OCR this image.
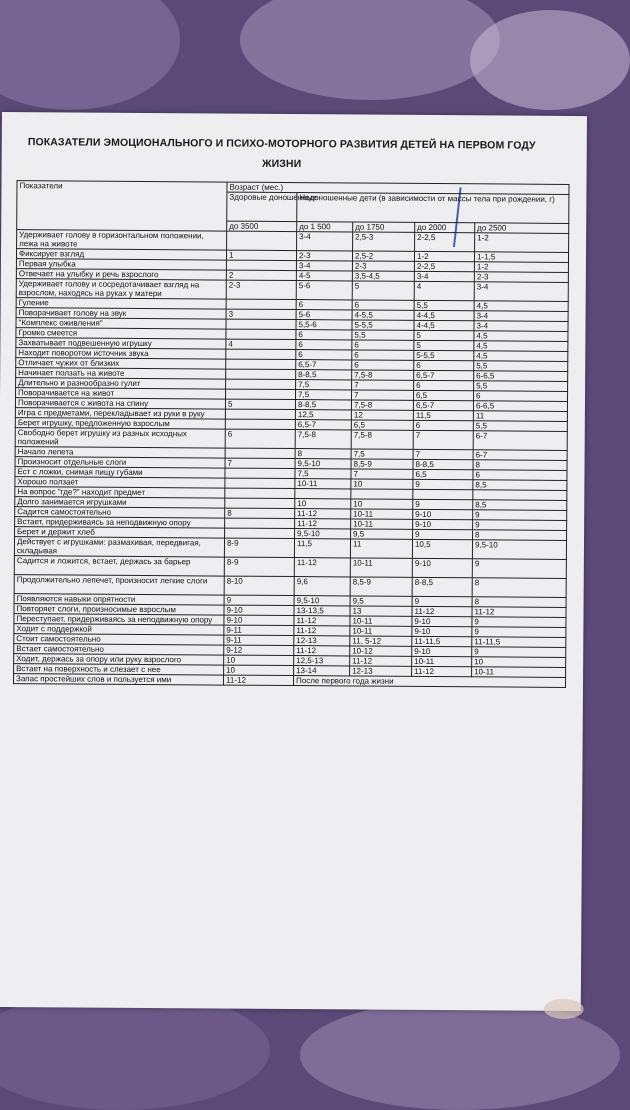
ПОКАЗАТЕЛИ ЭМОЦИОНАЛЬНОГО И ПСИХО-МОТОРНОГО РАЗВИТИЯ ДЕТЕЙ НА ПЕРВОМ ГОДУ ЖИЗНИ
Показатели	Возраст (мес.)				
	Здоровые доношенные	Недоношенные дети (в зависимости от массы тела при рождении, г)			
	до 3500	до 1 500	до 1750	до 2000	до 2500
Удерживает голову в горизонтальном положении, лежа на животе		3-4	2,5-3	2-2,5	1-2
Фиксирует взгляд	1	2-3	2,5-2	1-2	1-1,5
Первая улыбка		3-4	2-3	2-2,5	1-2
Отвечает на улыбку и речь взрослого	2	4-5	3,5-4,5	3-4	2-3
Удерживает голову и сосредотачивает взгляд на взрослом, находясь на руках у матери	2-3	5-6	5	4	3-4
Гуление		6	6	5,5	4,5
Поворачивает голову на звук	3	5-6	4-5,5	4-4,5	3-4
"Комплекс оживления"		5,5-6	5-5,5	4-4,5	3-4
Громко смеется		6	5,5	5	4,5
Захватывает подвешенную игрушку	4	6	6	5	4,5
Находит поворотом источник звука		6	6	5-5,5	4,5
Отличает чужих от близких		6,5-7	6	6	5,5
Начинает ползать на животе		8-8,5	7,5-8	6,5-7	6-6,5
Длительно и разнообразно гулит		7,5	7	6	5,5
Поворачивается на живот		7,5	7	6,5	6
Поворачивается с живота на спину	5	8-8,5	7,5-8	6,5-7	6-6,5
Игра с предметами, перекладывает из руки в руку		12,5	12	11,5	11
Берет игрушку, предложенную взрослым		6,5-7	6,5	6	5,5
Свободно берет игрушку из разных исходных положений	6	7,5-8	7,5-8	7	6-7
Начало лепета		8	7,5	7	6-7
Произносит отдельные слоги	7	9,5-10	8,5-9	8-8,5	8
Ест с ложки, снимая пищу губами		7,5	7	6,5	6
Хорошо ползает		10-11	10	9	8,5
На вопрос "где?" находит предмет					
Долго занимается игрушками		10	10	9	8,5
Садится самостоятельно	8	11-12	10-11	9-10	9
Встает, придерживаясь за неподвижную опору		11-12	10-11	9-10	9
Берет и держит хлеб		9,5-10	9,5	9	8
Действует с игрушками: размахивая, передвигая, складывая	8-9	11,5	11	10,5	9,5-10
Садится и ложится, встает, держась за барьер	8-9	11-12	10-11	9-10	9
Продолжительно лепечет, произносит легкие слоги	8-10	9,6	8,5-9	8-8,5	8
Появляются навыки опрятности	9	9,5-10	9,5	9	8
Повторяет слоги, произносимые взрослым	9-10	13-13,5	13	11-12	11-12
Переступает, придерживаясь за неподвижную опору	9-10	11-12	10-11	9-10	9
Ходит с поддержкой	9-11	11-12	10-11	9-10	9
Стоит самостоятельно	9-11	12-13	11, 5-12	11-11,5	11-11,5
Встает самостоятельно	9-12	11-12	10-12	9-10	9
Ходит, держась за опору или руку взрослого	10	12,5-13	11-12	10-11	10
Встает на поверхность и слезает с нее	10	13-14	12-13	11-12	10-11
Запас простейших слов и пользуется ими	11-12	После первого года жизни			
